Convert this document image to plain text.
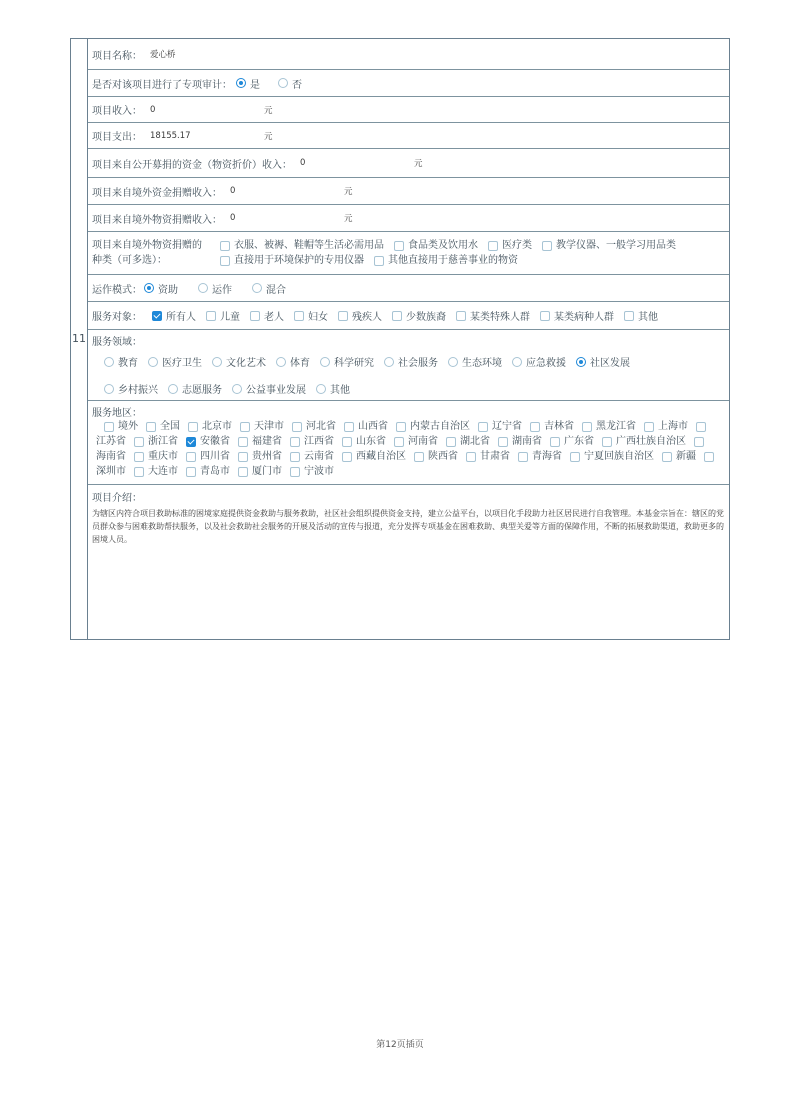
11
项目名称： 爱心桥
是否对该项目进行了专项审计： 是	否
项目收入： 0	元
项目支出： 18155.17	元
项目来自公开募捐的资金（物资折价）收入： 0	元
项目来自境外资金捐赠收入： 0	元
项目来自境外物资捐赠收入： 0	元
项目来自境外物资捐赠的
种类（可多选）：
衣服、被褥、鞋帽等生活必需用品 食品类及饮用水 医疗类 教学仪器、一般学习用品类
直接用于环境保护的专用仪器 其他直接用于慈善事业的物资
运作模式： 资助	运作	混合
服务对象： 所有人 儿童 老人 妇女 残疾人 少数族裔 某类特殊人群 某类病种人群 其他
服务领域：
教育 医疗卫生 文化艺术 体育 科学研究 社会服务 生态环境 应急救援 社区发展
乡村振兴 志愿服务 公益事业发展 其他
服务地区：
境外 全国 北京市 天津市 河北省 山西省 内蒙古自治区 辽宁省 吉林省 黑龙江省 上海市
江苏省 浙江省 安徽省 福建省 江西省 山东省 河南省 湖北省 湖南省 广东省 广西壮族自治区
海南省 重庆市 四川省 贵州省 云南省 西藏自治区 陕西省 甘肃省 青海省 宁夏回族自治区 新疆
深圳市 大连市 青岛市 厦门市 宁波市
项目介绍：
为辖区内符合项目救助标准的困境家庭提供资金救助与服务救助，社区社会组织提供资金支持，建立公益平台，以项目化手段助力社区居民进行自我管理。本基金宗旨在：辖区的党员群众参与困难救助帮扶服务，以及社会救助社会服务的开展及活动的宣传与报道，充分发挥专项基金在困难救助、典型关爱等方面的保障作用，不断的拓展救助渠道，救助更多的困境人员。
第12页插页
